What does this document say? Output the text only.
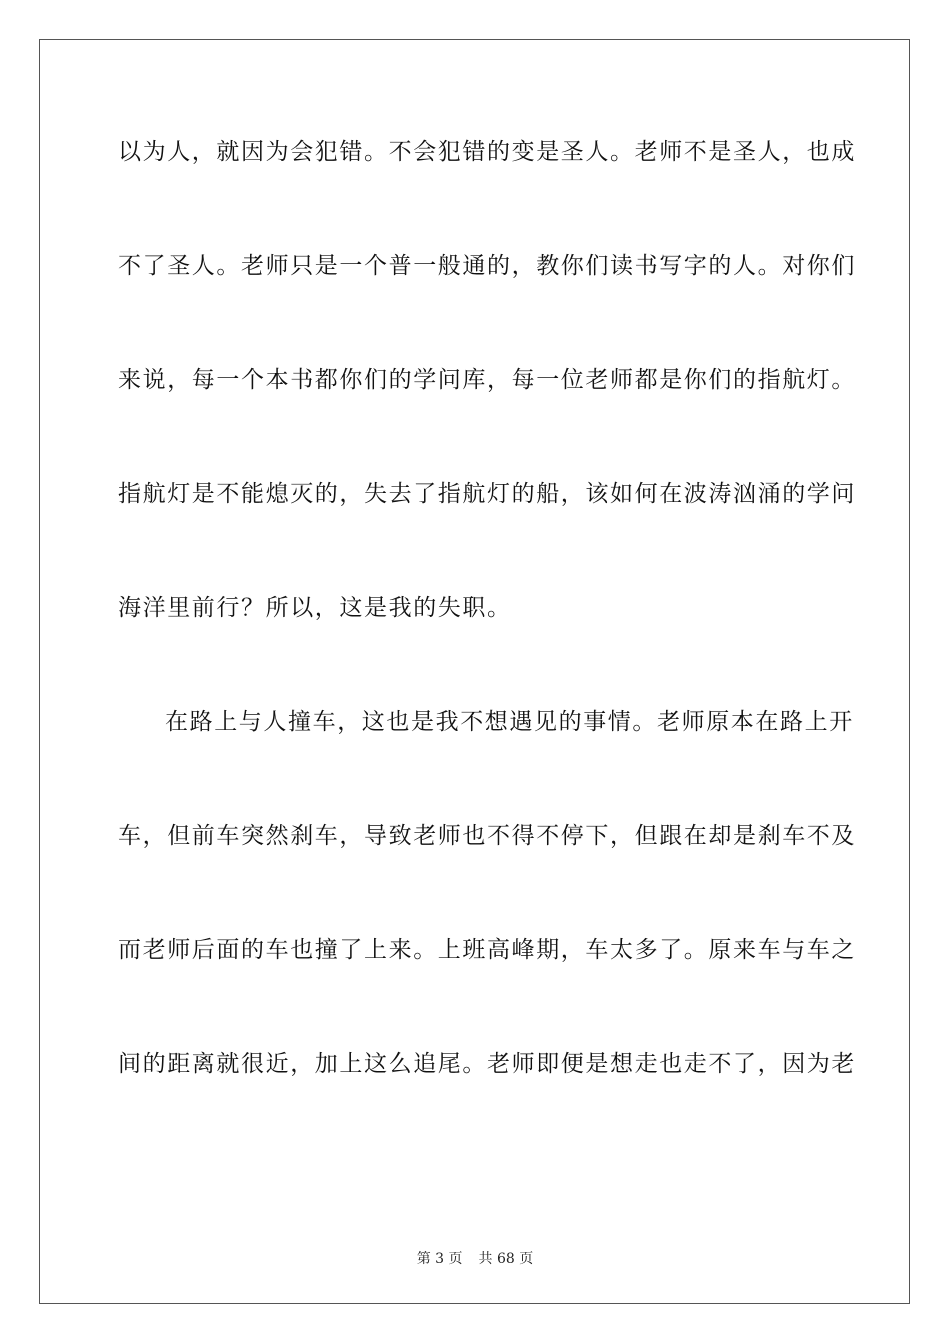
以为人，就因为会犯错。不会犯错的变是圣人。老师不是圣人，也成
不了圣人。老师只是一个普一般通的，教你们读书写字的人。对你们
来说，每一个本书都你们的学问库，每一位老师都是你们的指航灯。
指航灯是不能熄灭的，失去了指航灯的船，该如何在波涛汹涌的学问
海洋里前行？所以，这是我的失职。
在路上与人撞车，这也是我不想遇见的事情。老师原本在路上开
车，但前车突然刹车，导致老师也不得不停下，但跟在却是刹车不及
而老师后面的车也撞了上来。上班高峰期，车太多了。原来车与车之
间的距离就很近，加上这么追尾。老师即便是想走也走不了，因为老
第 3 页 共 68 页
